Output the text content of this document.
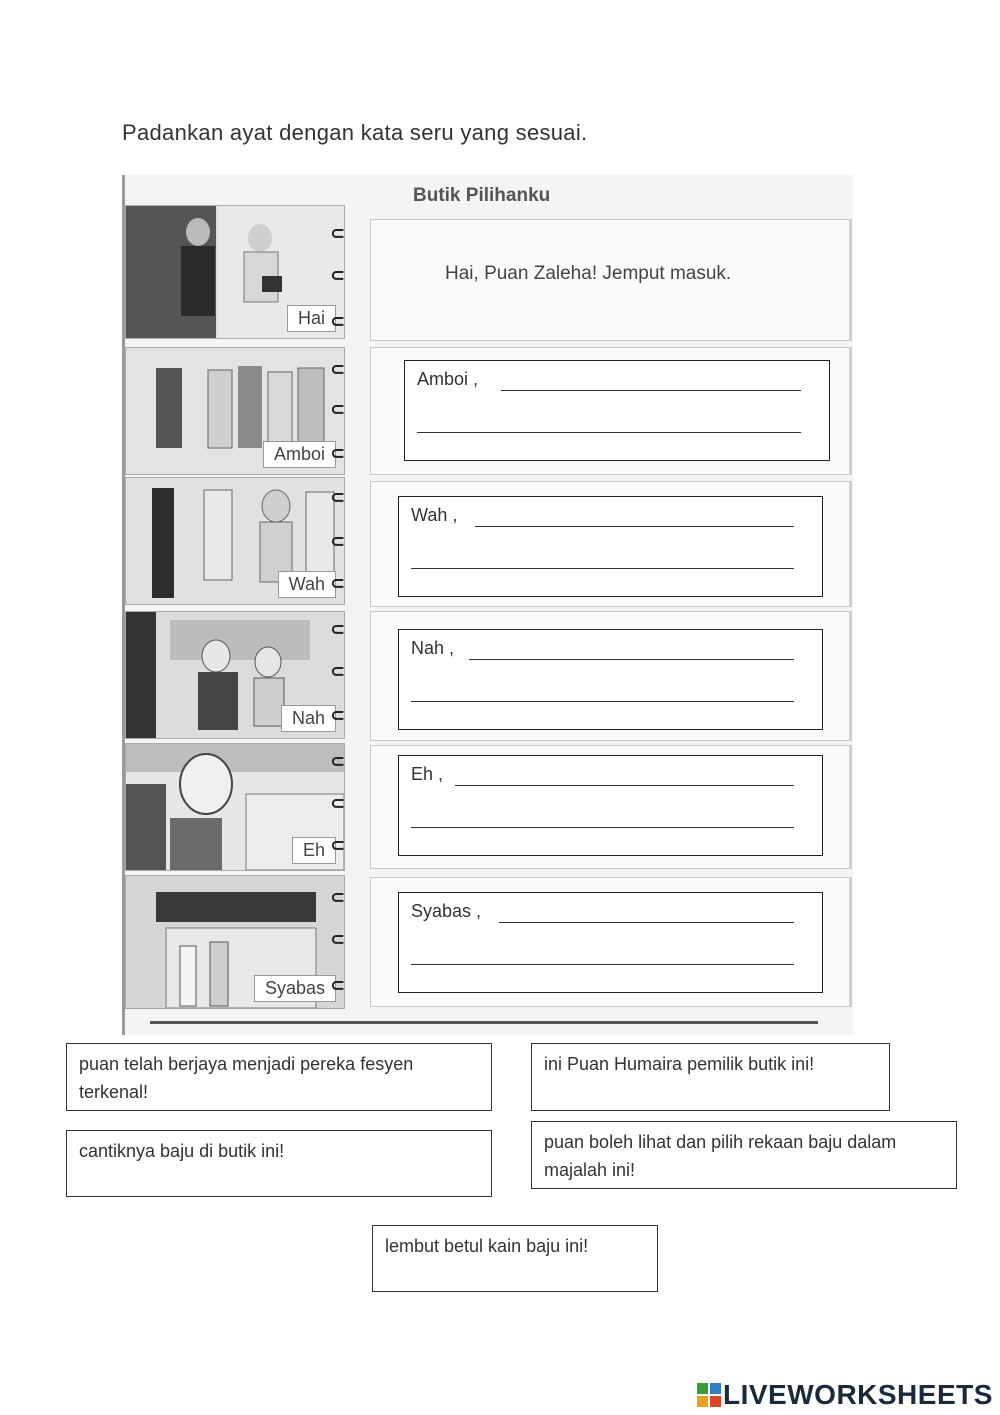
Padankan ayat dengan kata seru yang sesuai.
Butik Pilihanku
Hai
Amboi
Wah
Nah
Eh
Syabas
⊂
⊂
⊂
⊂
⊂
⊂
⊂
⊂
⊂
⊂
⊂
⊂
⊂
⊂
⊂
⊂
⊂
⊂
Hai, Puan Zaleha! Jemput masuk.
Amboi ,
Wah ,
Nah ,
Eh ,
Syabas ,
puan telah berjaya menjadi pereka fesyen terkenal!
ini Puan Humaira pemilik butik ini!
cantiknya baju di butik ini!	puan boleh lihat dan pilih rekaan baju dalam majalah ini!
lembut betul kain baju ini!
LIVEWORKSHEETS
